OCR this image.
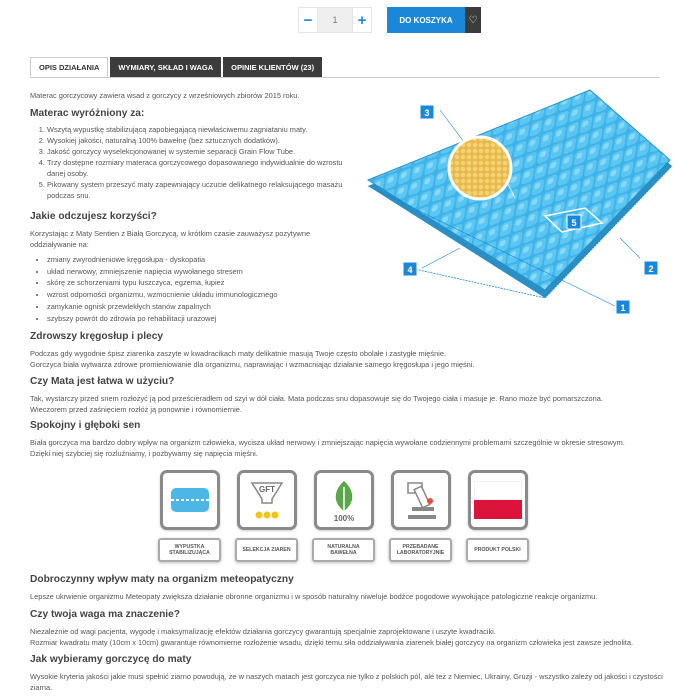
−	1	+	DO KOSZYKA	♡
OPIS DZIAŁANIA	WYMIARY, SKŁAD I WAGA	OPINIE KLIENTÓW (23)

Materac gorczycowy zawiera wsad z gorczycy z wrześniowych zbiorów 2015 roku.

Materac wyróżniony za:
1. Wszytą wypustkę stabilizującą zapobiegającą niewłaściwemu zagniataniu maty.
2. Wysokiej jakości, naturalną 100% bawełnę (bez sztucznych dodatków).
3. Jakość gorczycy wyselekcjonowanej w systemie separacji Grain Flow Tube.
4. Trzy dostępne rozmiary materaca gorczycowego dopasowanego indywidualnie do wzrostu danej osoby.
5. Pikowany system przeszyć maty zapewniający uczucie delikatnego relaksującego masażu podczas snu.
Jakie odczujesz korzyści?

Korzystając z Maty Sentien z Białą Gorczycą, w krótkim czasie zauważysz pozytywne oddziaływanie na:

• zmiany zwyrodnieniowe kręgosłupa - dyskopatia
• układ nerwowy, zmniejszenie napięcia wywołanego stresem
• skórę ze schorzeniami typu łuszczyca, egzema, łupież
• wzrost odporności organizmu, wzmocnienie układu immunologicznego
• zamykanie ognisk przewlekłych stanów zapalnych
• szybszy powrót do zdrowia po rehabilitacji urazowej
3
5
2
4
1
Zdrowszy kręgosłup i plecy

Podczas gdy wygodnie śpisz ziarenka zaszyte w kwadracikach maty delikatnie masują Twoje często obolałe i zastygłe mięśnie.

Gorczyca biała wytwarza zdrowe promieniowanie dla organizmu, naprawiając i wzmacniając działanie samego kręgosłupa i jego mięśni.

Czy Mata jest łatwa w użyciu?

Tak, wystarczy przed snem rozłożyć ją pod prześcieradłem od szyi w dół ciała. Mata podczas snu dopasowuje się do Twojego ciała i masuje je. Rano może być pomarszczona.

Wieczorem przed zaśnięciem rozłóż ją ponownie i równomiernie.

Spokojny i głęboki sen

Biała gorczyca ma bardzo dobry wpływ na organizm człowieka, wycisza układ nerwowy i zmniejszając napięcia wywołane codziennymi problemami szczególnie w okresie stresowym.

Dzięki niej szybciej się rozluźniamy, i pozbywamy się napięcia mięśni.

WYPUSTKA STABILIZUJĄCA
GFT
SELEKCJA ZIAREN
100%
NATURALNA BAWEŁNA
PRZEBADANE LABORATORYJNIE	PRODUKT POLSKI
Dobroczynny wpływ maty na organizm meteopatyczny

Lepsze ukrwienie organizmu Meteopaty zwiększa działanie obronne organizmu i w sposób naturalny niweluje bodźce pogodowe wywołujące patologiczne reakcje organizmu.

Czy twoja waga ma znaczenie?

Niezależnie od wagi pacjenta, wygodę i maksymalizację efektów działania gorczycy gwarantują specjalnie zaprojektowane i uszyte kwadraciki.

Rozmiar kwadratu maty (10cm x 10cm) gwarantuje równomierne rozłożenie wsadu, dzięki temu siła oddziaływania ziarenek białej gorczycy na organizm człowieka jest zawsze jednolita.

Jak wybieramy gorczycę do maty

Wysokie kryteria jakości jakie musi spełnić ziarno powodują, że w naszych matach jest gorczyca nie tylko z polskich pól, ale też z Niemiec, Ukrainy, Gruzji - wszystko zależy od jakości i czystości ziarna.
